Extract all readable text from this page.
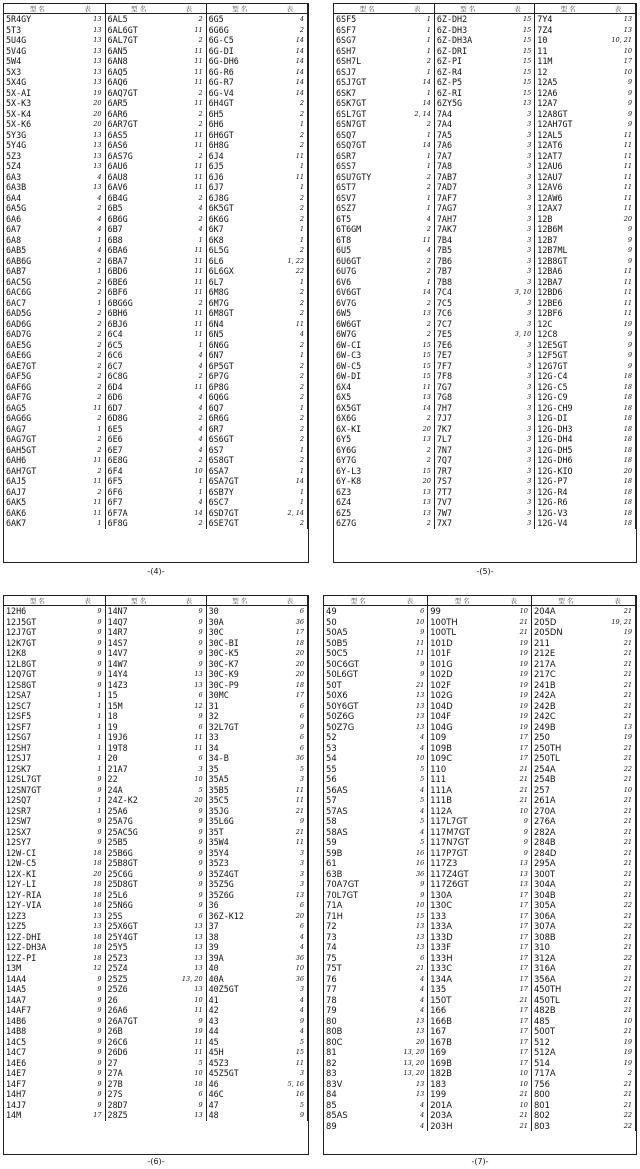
型 名	表	型 名	表	型 名	表
5R4GY	13	6AL5	2	6G5	4
5T3	13	6AL6GT	11	6G6G	2
5U4G	13	6AL7GT	2	6G-C5	14
5V4G	13	6AN5	11	6G-DI	14
5W4	13	6AN8	11	6G-DH6	14
5X3	13	6AQ5	11	6G-R6	14
5X4G	13	6AQ6	11	6G-R7	14
5X-AI	19	6AQ7GT	2	6G-V4	14
5X-K3	20	6AR5	11	6H4GT	2
5X-K4	20	6AR6	2	6H5	2
5X-K6	20	6AR7GT	2	6H6	1
5Y3G	13	6AS5	11	6H6GT	2
5Y4G	13	6AS6	11	6H8G	2
5Z3	13	6AS7G	2	6J4	11
5Z4	13	6AU6	11	6J5	1
6A3	4	6AU8	11	6J6	11
6A3B	13	6AV6	11	6J7	1
6A4	4	6B4G	2	6J8G	2
6A5G	2	6B5	4	6K5GT	2
6A6	4	6B6G	2	6K6G	2
6A7	4	6B7	4	6K7	1
6A8	1	6B8	1	6K8	1
6AB5	4	6BA6	11	6L5G	2
6AB6G	2	6BA7	11	6L6	1, 22
6AB7	1	6BD6	11	6L6GX	22
6AC5G	2	6BE6	11	6L7	1
6AC6G	2	6BF6	11	6M8G	2
6AC7	1	6BG6G	2	6M7G	2
6AD5G	2	6BH6	11	6M8GT	2
6AD6G	2	6BJ6	11	6N4	11
6AD7G	2	6C4	11	6N5	4
6AE5G	2	6C5	1	6N6G	2
6AE6G	2	6C6	4	6N7	1
6AE7GT	2	6C7	4	6P5GT	2
6AF5G	2	6C8G	2	6P7G	2
6AF6G	2	6D4	11	6P8G	2
6AF7G	2	6D6	4	6Q6G	2
6AG5	11	6D7	4	6Q7	1
6AG6G	2	6D8G	2	6R6G	2
6AG7	1	6E5	4	6R7	2
6AG7GT	2	6E6	4	6S6GT	2
6AH5GT	2	6E7	4	6S7	1
6AH6	11	6E8G	2	6S8GT	2
6AH7GT	2	6F4	10	6SA7	1
6AJ5	11	6F5	1	6SA7GT	14
6AJ7	2	6F6	1	6SB7Y	1
6AK5	11	6F7	4	6SC7	1
6AK6	11	6F7A	14	6SD7GT	2, 14
6AK7	1	6F8G	2	6SE7GT	2
-(4)-
型 名	表	型 名	表	型 名	表
6SF5	1	6Z-DH2	15	7Y4	13
6SF7	1	6Z-DH3	15	7Z4	13
6SG7	1	6Z-DH3A	15	10	10, 21
6SH7	1	6Z-DRI	15	11	10
6SH7L	2	6Z-PI	15	11M	17
6SJ7	1	6Z-R4	15	12	10
6SJ7GT	14	6Z-P5	15	12A5	9
6SK7	1	6Z-RI	15	12A6	9
6SK7GT	14	6ZY5G	13	12A7	9
6SL7GT	2, 14	7A4	3	12A8GT	9
6SN7GT	2	7A4	3	12AH7GT	9
6SQ7	1	7A5	3	12AL5	11
6SQ7GT	14	7A6	3	12AT6	11
6SR7	1	7A7	3	12AT7	11
6SS7	1	7A8	3	12AU6	11
6SU7GTY	2	7AB7	3	12AU7	11
6ST7	2	7AD7	3	12AV6	11
6SV7	1	7AF7	3	12AW6	11
6SZ7	1	7AG7	3	12AX7	11
6T5	4	7AH7	3	12B	20
6T6GM	2	7AK7	3	12B6M	9
6T8	11	7B4	3	12B7	9
6U5	4	7B5	3	12B7ML	9
6U6GT	2	7B6	3	12B8GT	9
6U7G	2	7B7	3	12BA6	11
6V6	1	7B8	3	12BA7	11
6V6GT	14	7C4	3, 10	12BD6	11
6V7G	2	7C5	3	12BE6	11
6W5	13	7C6	3	12BF6	11
6W6GT	2	7C7	3	12C	19
6W7G	2	7E5	3, 10	12C8	9
6W-CI	15	7E6	3	12E5GT	9
6W-C3	15	7E7	3	12F5GT	9
6W-C5	15	7F7	3	12G7GT	9
6W-DI	15	7F8	3	12G-C4	18
6X4	11	7G7	3	12G-C5	18
6X5	13	7G8	3	12G-C9	18
6X5GT	14	7H7	3	12G-CH9	18
6X6G	2	7J7	3	12G-DI	18
6X-KI	20	7K7	3	12G-DH3	18
6Y5	13	7L7	3	12G-DH4	18
6Y6G	2	7N7	3	12G-DH5	18
6Y7G	2	7Q7	3	12G-DH6	18
6Y-L3	15	7R7	3	12G-KIO	20
6Y-K8	20	7S7	3	12G-P7	18
6Z3	13	7T7	3	12G-R4	18
6Z4	13	7V7	3	12G-R6	18
6Z5	13	7W7	3	12G-V3	18
6Z7G	2	7X7	3	12G-V4	18
-(5)-
型 名	表	型 名	表	型 名	表
12H6	9	14N7	9	30	6
12J5GT	9	14Q7	9	30A	36
12J7GT	9	14R7	9	30C	17
12K7GT	9	14S7	9	30C-BI	18
12K8	9	14V7	9	30C-K5	20
12L8GT	9	14W7	9	30C-K7	20
12Q7GT	9	14Y4	13	30C-K9	20
12S8GT	9	14Z3	13	30C-P9	18
12SA7	1	15	6	30MC	17
12SC7	1	15M	12	31	6
12SF5	1	18	9	32	6
12SF7	1	19	6	32L7GT	9
12SG7	1	19J6	11	33	6
12SH7	1	19T8	11	34	6
12SJ7	1	20	6	34-B	36
12SK7	1	21A7	3	35	5
12SL7GT	9	22	10	35A5	3
12SN7GT	9	24A	5	35B5	11
12SQ7	1	24Z-K2	20	35C5	11
12SR7	1	25A6	9	35JG	21
12SW7	9	25A7G	9	35L6G	9
12SX7	9	25AC5G	9	35T	21
12SY7	9	25B5	9	35W4	11
12W-CI	18	25B6G	9	35Y4	3
12W-C5	18	25B8GT	9	35Z3	3
12X-KI	20	25C6G	9	35Z4GT	3
12Y-LI	18	25D8GT	9	35Z5G	3
12Y-RIA	18	25L6	9	35Z6G	13
12Y-VIA	18	25N6G	9	36	6
12Z3	13	25S	6	36Z-K12	20
12Z5	13	25X6GT	13	37	6
12Z-DHI	18	25Y4GT	13	38	4
12Z-DH3A	18	25Y5	13	39	4
12Z-PI	18	25Z3	13	39A	36
13M	12	25Z4	13	40	10
14A4	9	25Z5	13, 20	40A	36
14A5	9	25Z6	13	40Z5GT	3
14A7	9	26	10	41	4
14AF7	9	26A6	11	42	4
14B6	9	26A7GT	9	43	9
14B8	9	26B	19	44	4
14C5	9	26C6	11	45	5
14C7	9	26D6	11	45H	15
14E6	9	27	5	45Z3	11
14E7	9	27A	10	45Z5GT	3
14F7	9	27B	18	46	5, 16
14H7	9	27S	6	46C	16
14J7	9	28D7	9	47	5
14M	17	28Z5	13	48	9
-(6)-
型 名	表	型 名	表	型 名	表
49	6	99	10	204A	21
50	10	100TH	21	205D	19, 21
50A5	9	100TL	21	205DN	19
50B5	11	101D	19	211	21
50C5	11	101F	19	212E	21
50C6GT	9	101G	19	217A	21
50L6GT	9	102D	19	217C	21
50T	21	102F	19	241B	21
50X6	13	102G	19	242A	21
50Y6GT	13	104D	19	242B	21
50Z6G	13	104F	19	242C	21
50Z7G	13	104G	19	249B	13
52	4	109	17	250	19
53	4	109B	17	250TH	21
54	10	109C	17	250TL	21
55	5	110	21	254A	22
56	5	111	21	254B	21
56AS	4	111A	21	257	10
57	5	111B	21	261A	21
57AS	4	112A	10	270A	21
58	5	117L7GT	9	276A	21
58AS	4	117M7GT	9	282A	21
59	5	117N7GT	9	284B	21
59B	16	117P7GT	9	284D	21
61	16	117Z3	13	295A	21
63B	36	117Z4GT	13	300T	21
70A7GT	9	117Z6GT	13	304A	21
70L7GT	9	130A	17	304B	21
71A	10	130C	17	305A	22
71H	15	133	17	306A	21
72	13	133A	17	307A	22
73	13	133D	17	308B	21
74	13	133F	17	310	21
75	6	133H	17	312A	22
75T	21	133C	17	316A	21
76	4	134A	17	356A	21
77	4	135	17	450TH	21
78	4	150T	21	450TL	21
79	4	166	17	482B	21
80	13	166B	17	485	10
80B	13	167	17	500T	21
80C	20	167B	17	512	19
81	13, 20	169	17	512A	19
82	13, 20	169B	17	514	19
83	13, 20	182B	10	717A	2
83V	13	183	10	756	21
84	13	199	21	800	21
85	4	201A	10	801	21
85AS	4	203A	21	802	22
89	4	203H	21	803	22
-(7)-
